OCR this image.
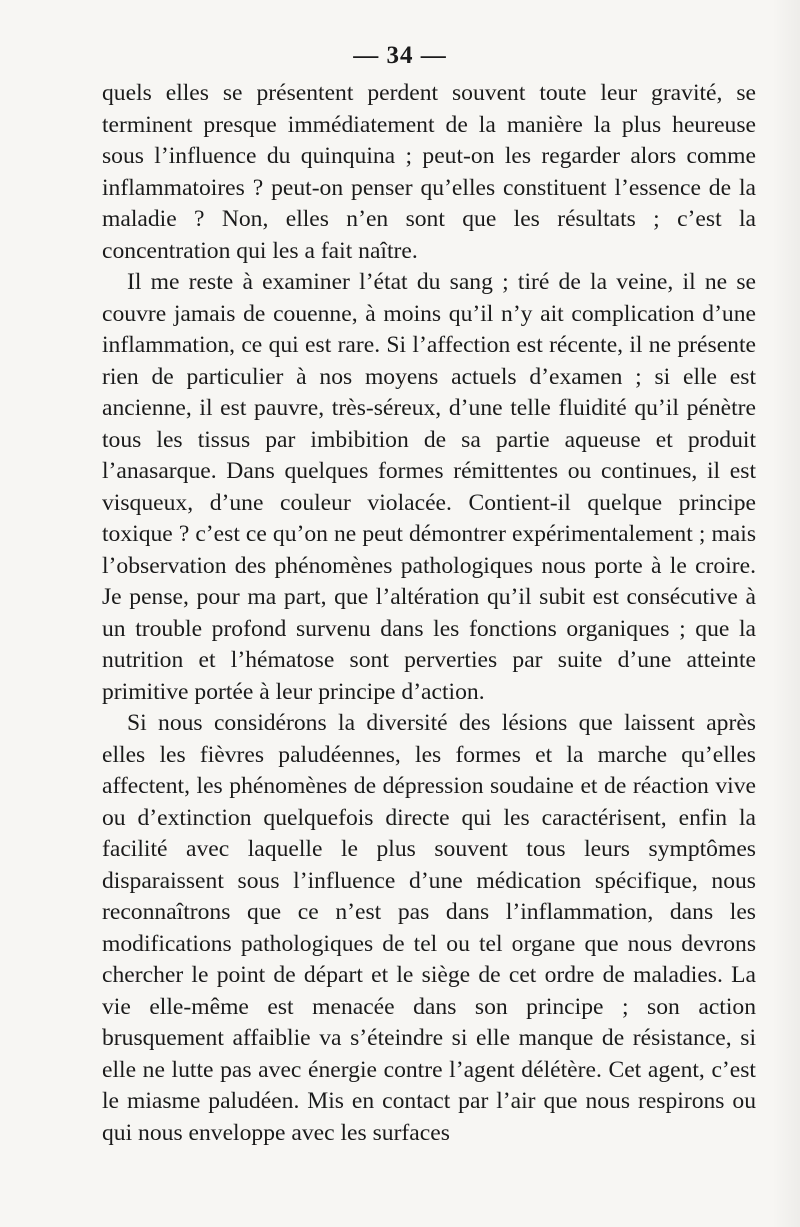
— 34 —

quels elles se présentent perdent souvent toute leur gravité, se terminent presque immédiatement de la manière la plus heureuse sous l’influence du quinquina ; peut-on les regarder alors comme inflammatoires ? peut-on penser qu’elles constituent l’essence de la maladie ? Non, elles n’en sont que les résultats ; c’est la concentration qui les a fait naître.

Il me reste à examiner l’état du sang ; tiré de la veine, il ne se couvre jamais de couenne, à moins qu’il n’y ait complication d’une inflammation, ce qui est rare. Si l’affection est récente, il ne présente rien de particulier à nos moyens actuels d’examen ; si elle est ancienne, il est pauvre, très-séreux, d’une telle fluidité qu’il pénètre tous les tissus par imbibition de sa partie aqueuse et produit l’anasarque. Dans quelques formes rémittentes ou continues, il est visqueux, d’une couleur violacée. Contient-il quelque principe toxique ? c’est ce qu’on ne peut démontrer expérimentalement ; mais l’observation des phénomènes pathologiques nous porte à le croire. Je pense, pour ma part, que l’altération qu’il subit est consécutive à un trouble profond survenu dans les fonctions organiques ; que la nutrition et l’hématose sont perverties par suite d’une atteinte primitive portée à leur principe d’action.

Si nous considérons la diversité des lésions que laissent après elles les fièvres paludéennes, les formes et la marche qu’elles affectent, les phénomènes de dépression soudaine et de réaction vive ou d’extinction quelquefois directe qui les caractérisent, enfin la facilité avec laquelle le plus souvent tous leurs symptômes disparaissent sous l’influence d’une médication spécifique, nous reconnaîtrons que ce n’est pas dans l’inflammation, dans les modifications pathologiques de tel ou tel organe que nous devrons chercher le point de départ et le siège de cet ordre de maladies. La vie elle-même est menacée dans son principe ; son action brusquement affaiblie va s’éteindre si elle manque de résistance, si elle ne lutte pas avec énergie contre l’agent délétère. Cet agent, c’est le miasme paludéen. Mis en contact par l’air que nous respirons ou qui nous enveloppe avec les surfaces
